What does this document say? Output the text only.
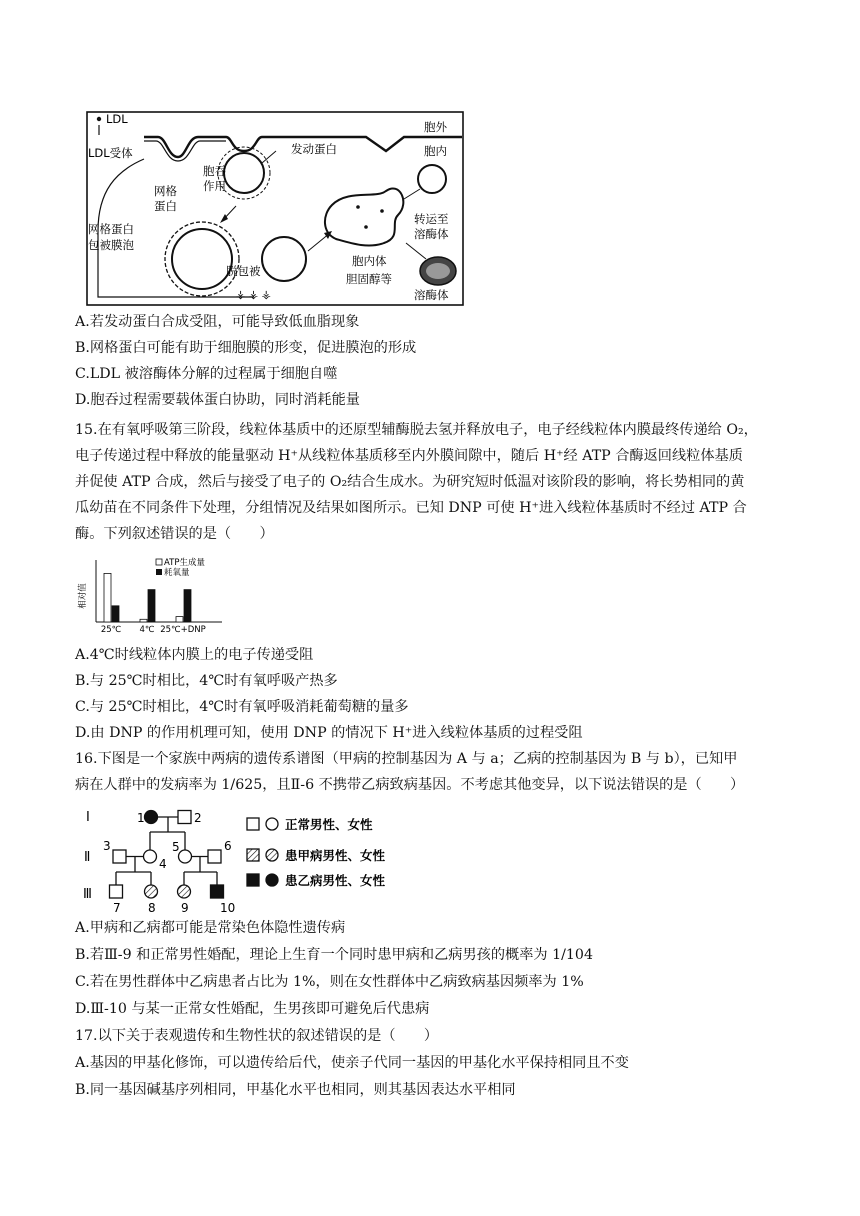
LDL
LDL受体	发动蛋白
胞外
胞内
胞吞
作用
网格
蛋白
网格蛋白
包被膜泡
脱包被
⚶ ⚶ ⚶
胞内体
转运至
溶酶体
胆固醇等
溶酶体
A.若发动蛋白合成受阻，可能导致低血脂现象
B.网格蛋白可能有助于细胞膜的形变，促进膜泡的形成
C.LDL 被溶酶体分解的过程属于细胞自噬
D.胞吞过程需要载体蛋白协助，同时消耗能量
15.在有氧呼吸第三阶段，线粒体基质中的还原型辅酶脱去氢并释放电子，电子经线粒体内膜最终传递给 O₂，
电子传递过程中释放的能量驱动 H⁺从线粒体基质移至内外膜间隙中，随后 H⁺经 ATP 合酶返回线粒体基质
并促使 ATP 合成，然后与接受了电子的 O₂结合生成水。为研究短时低温对该阶段的影响，将长势相同的黄
瓜幼苗在不同条件下处理，分组情况及结果如图所示。已知 DNP 可使 H⁺进入线粒体基质时不经过 ATP 合
酶。下列叙述错误的是（　　）
相对值
25℃ 4℃ 25℃+DNP
ATP生成量
耗氧量
A.4℃时线粒体内膜上的电子传递受阻
B.与 25℃时相比，4℃时有氧呼吸产热多
C.与 25℃时相比，4℃时有氧呼吸消耗葡萄糖的量多
D.由 DNP 的作用机理可知，使用 DNP 的情况下 H⁺进入线粒体基质的过程受阻
16.下图是一个家族中两病的遗传系谱图（甲病的控制基因为 A 与 a；乙病的控制基因为 B 与 b），已知甲
病在人群中的发病率为 1/625，且Ⅱ-6 不携带乙病致病基因。不考虑其他变异，以下说法错误的是（　　）
Ⅰ
Ⅱ
Ⅲ
1	2
3
4
5	6
7 8 9	10
正常男性、女性
患甲病男性、女性
患乙病男性、女性
A.甲病和乙病都可能是常染色体隐性遗传病
B.若Ⅲ-9 和正常男性婚配，理论上生育一个同时患甲病和乙病男孩的概率为 1/104
C.若在男性群体中乙病患者占比为 1%，则在女性群体中乙病致病基因频率为 1%
D.Ⅲ-10 与某一正常女性婚配，生男孩即可避免后代患病
17.以下关于表观遗传和生物性状的叙述错误的是（　　）
A.基因的甲基化修饰，可以遗传给后代，使亲子代同一基因的甲基化水平保持相同且不变
B.同一基因碱基序列相同，甲基化水平也相同，则其基因表达水平相同
